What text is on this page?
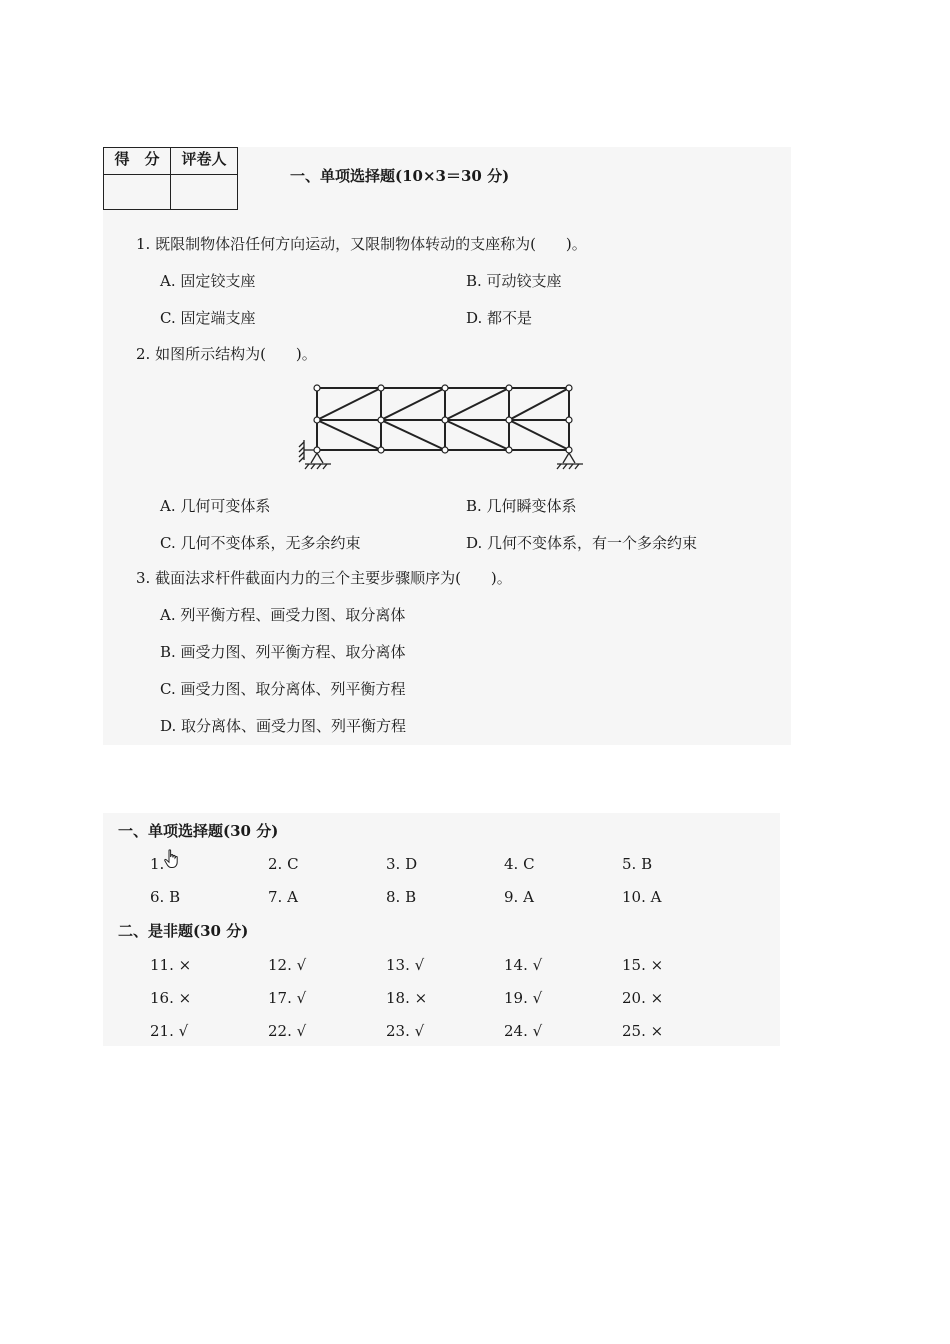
得　分	评卷人

一、单项选择题(10×3＝30 分)
1. 既限制物体沿任何方向运动，又限制物体转动的支座称为(　　)。
A. 固定铰支座	B. 可动铰支座
C. 固定端支座	D. 都不是
2. 如图所示结构为(　　)。
A. 几何可变体系	B. 几何瞬变体系
C. 几何不变体系，无多余约束	D. 几何不变体系，有一个多余约束
3. 截面法求杆件截面内力的三个主要步骤顺序为(　　)。
A. 列平衡方程、画受力图、取分离体
B. 画受力图、列平衡方程、取分离体
C. 画受力图、取分离体、列平衡方程
D. 取分离体、画受力图、列平衡方程
一、单项选择题(30 分)
1.	2. C	3. D	4. C	5. B
6. B	7. A	8. B	9. A	10. A
二、是非题(30 分)
11. ×	12. √	13. √	14. √	15. ×
16. ×	17. √	18. ×	19. √	20. ×
21. √	22. √	23. √	24. √	25. ×
